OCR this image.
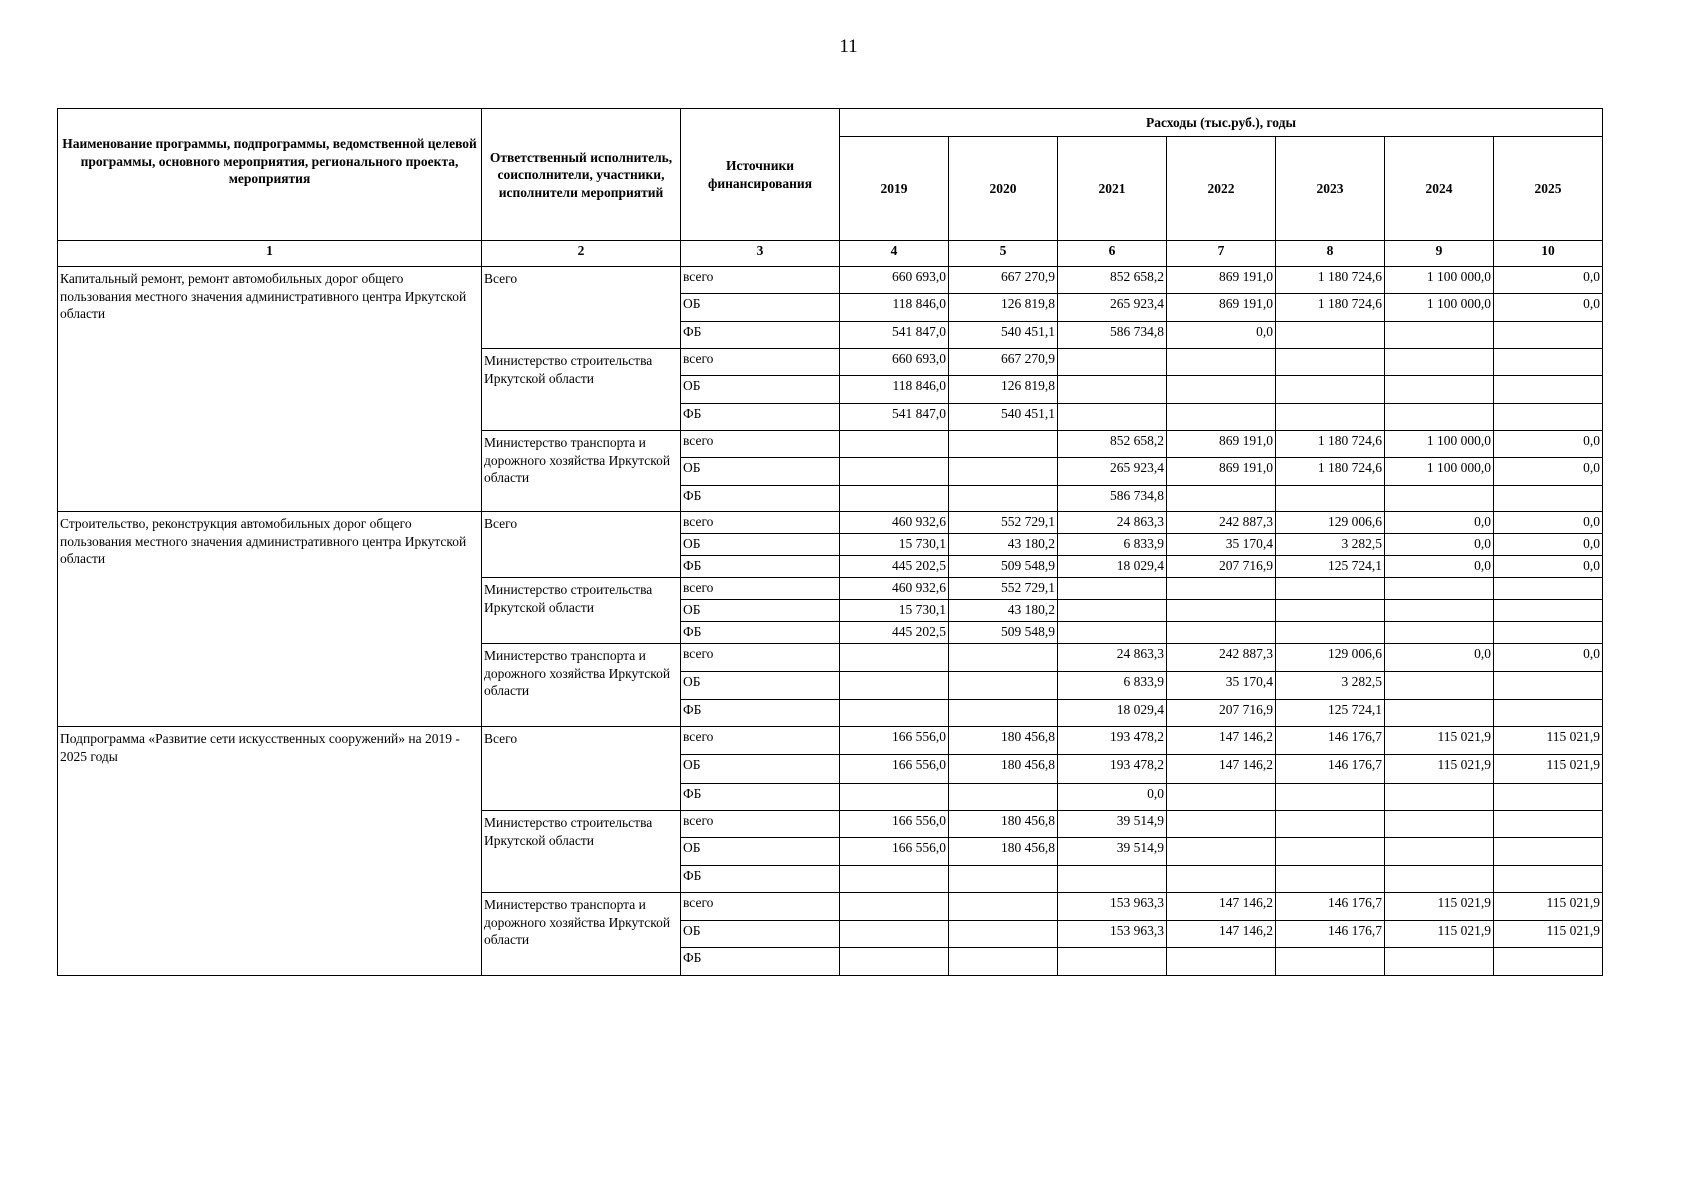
11
Наименование программы, подпрограммы, ведомственной целевой программы, основного мероприятия, регионального проекта, мероприятия	Ответственный исполнитель, соисполнители, участники, исполнители мероприятий	Источники финансирования	Расходы (тыс.руб.), годы						
			2019	2020	2021	2022	2023	2024	2025
1	2	3	4	5	6	7	8	9	10
Капитальный ремонт, ремонт автомобильных дорог общего пользования местного значения административного центра Иркутской области	Всего	всего	660 693,0	667 270,9	852 658,2	869 191,0	1 180 724,6	1 100 000,0	0,0
		ОБ	118 846,0	126 819,8	265 923,4	869 191,0	1 180 724,6	1 100 000,0	0,0
		ФБ	541 847,0	540 451,1	586 734,8	0,0			
	Министерство строительства Иркутской области	всего	660 693,0	667 270,9					
		ОБ	118 846,0	126 819,8					
		ФБ	541 847,0	540 451,1					
	Министерство транспорта и дорожного хозяйства Иркутской области	всего			852 658,2	869 191,0	1 180 724,6	1 100 000,0	0,0
		ОБ			265 923,4	869 191,0	1 180 724,6	1 100 000,0	0,0
		ФБ			586 734,8				
Строительство, реконструкция автомобильных дорог общего пользования местного значения административного центра Иркутской области	Всего	всего	460 932,6	552 729,1	24 863,3	242 887,3	129 006,6	0,0	0,0
		ОБ	15 730,1	43 180,2	6 833,9	35 170,4	3 282,5	0,0	0,0
		ФБ	445 202,5	509 548,9	18 029,4	207 716,9	125 724,1	0,0	0,0
	Министерство строительства Иркутской области	всего	460 932,6	552 729,1					
		ОБ	15 730,1	43 180,2					
		ФБ	445 202,5	509 548,9					
	Министерство транспорта и дорожного хозяйства Иркутской области	всего			24 863,3	242 887,3	129 006,6	0,0	0,0
		ОБ			6 833,9	35 170,4	3 282,5		
		ФБ			18 029,4	207 716,9	125 724,1		
Подпрограмма «Развитие сети искусственных сооружений» на 2019 - 2025 годы	Всего	всего	166 556,0	180 456,8	193 478,2	147 146,2	146 176,7	115 021,9	115 021,9
		ОБ	166 556,0	180 456,8	193 478,2	147 146,2	146 176,7	115 021,9	115 021,9
		ФБ			0,0				
	Министерство строительства Иркутской области	всего	166 556,0	180 456,8	39 514,9				
		ОБ	166 556,0	180 456,8	39 514,9				
		ФБ							
	Министерство транспорта и дорожного хозяйства Иркутской области	всего			153 963,3	147 146,2	146 176,7	115 021,9	115 021,9
		ОБ			153 963,3	147 146,2	146 176,7	115 021,9	115 021,9
		ФБ							
